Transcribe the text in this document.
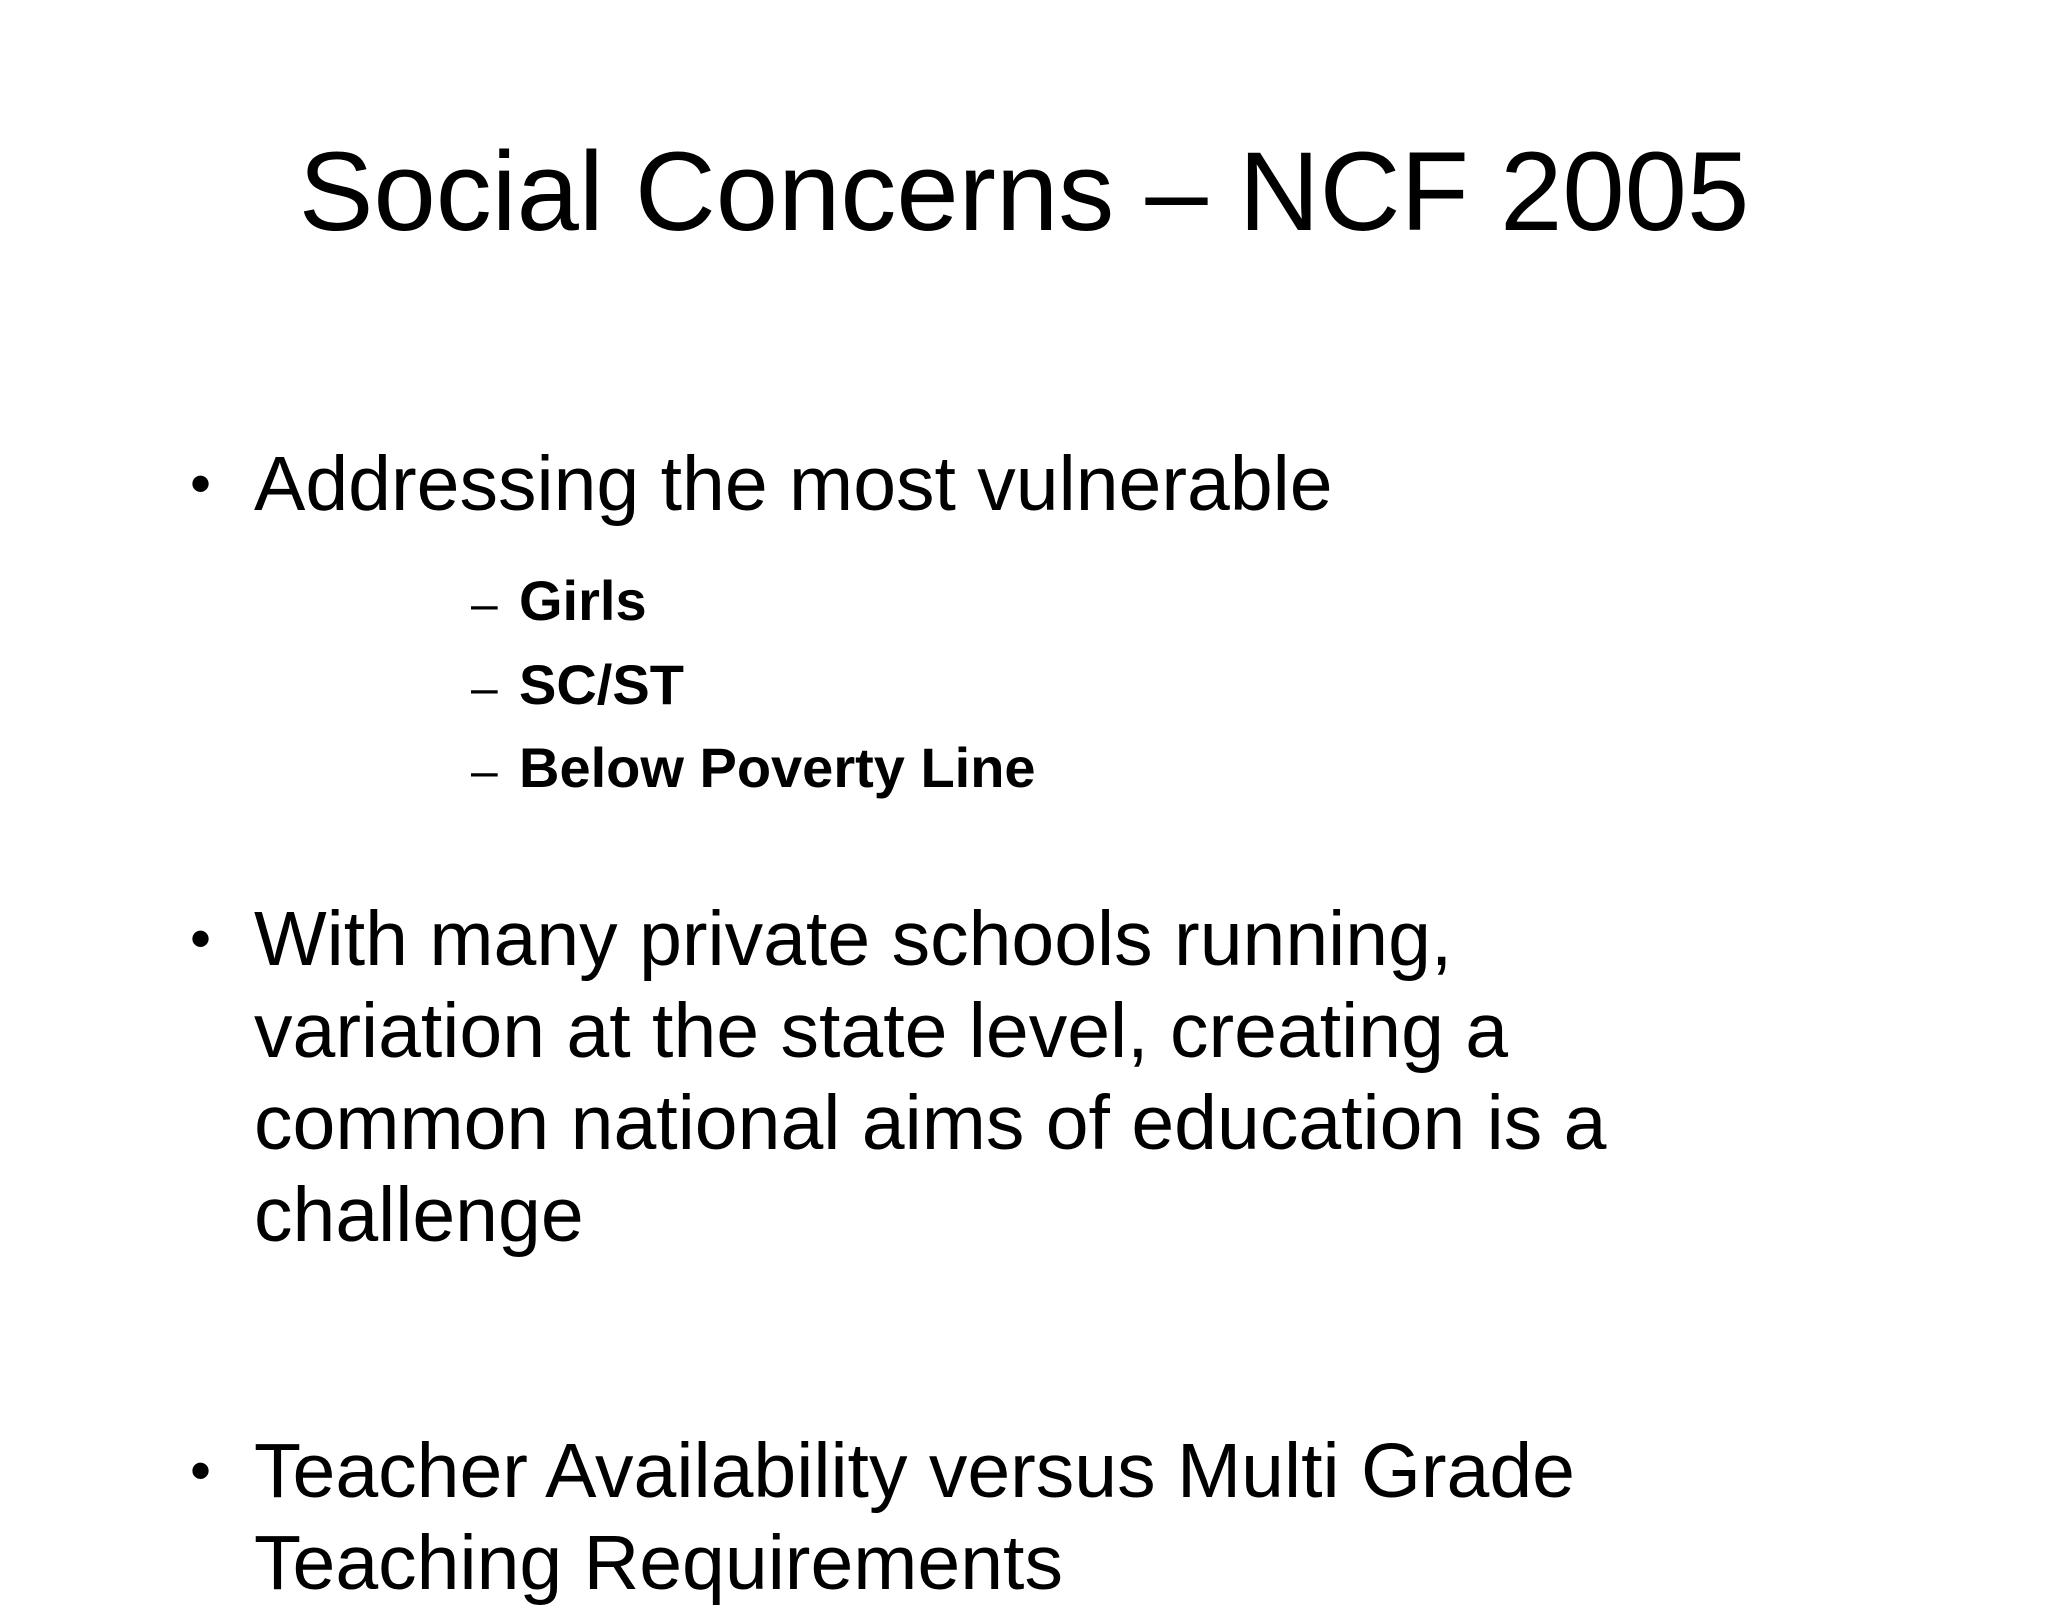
Social Concerns – NCF 2005
• Addressing the most vulnerable
– Girls
– SC/ST
– Below Poverty Line
• With many private schools running,
variation at the state level, creating a
common national aims of education is a
challenge
• Teacher Availability versus Multi Grade
Teaching Requirements
